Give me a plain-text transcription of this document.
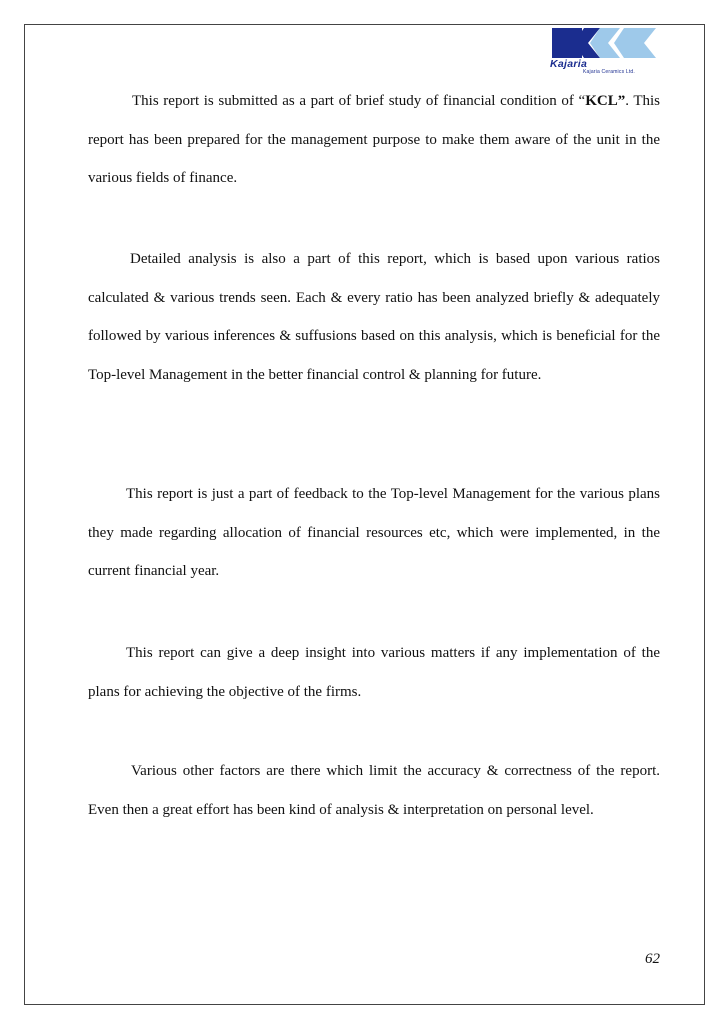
Kajaria
Kajaria Ceramics Ltd.

This report is submitted as a part of brief study of financial condition of “KCL”. This report has been prepared for the management purpose to make them aware of the unit in the various fields of finance.

Detailed analysis is also a part of this report, which is based upon various ratios calculated & various trends seen. Each & every ratio has been analyzed briefly & adequately followed by various inferences & suffusions based on this analysis, which is beneficial for the Top-level Management in the better financial control & planning for future.

This report is just a part of feedback to the Top-level Management for the various plans they made regarding allocation of financial resources etc, which were implemented, in the current financial year.

This report can give a deep insight into various matters if any implementation of the plans for achieving the objective of the firms.

Various other factors are there which limit the accuracy & correctness of the report. Even then a great effort has been kind of analysis & interpretation on personal level.

62
